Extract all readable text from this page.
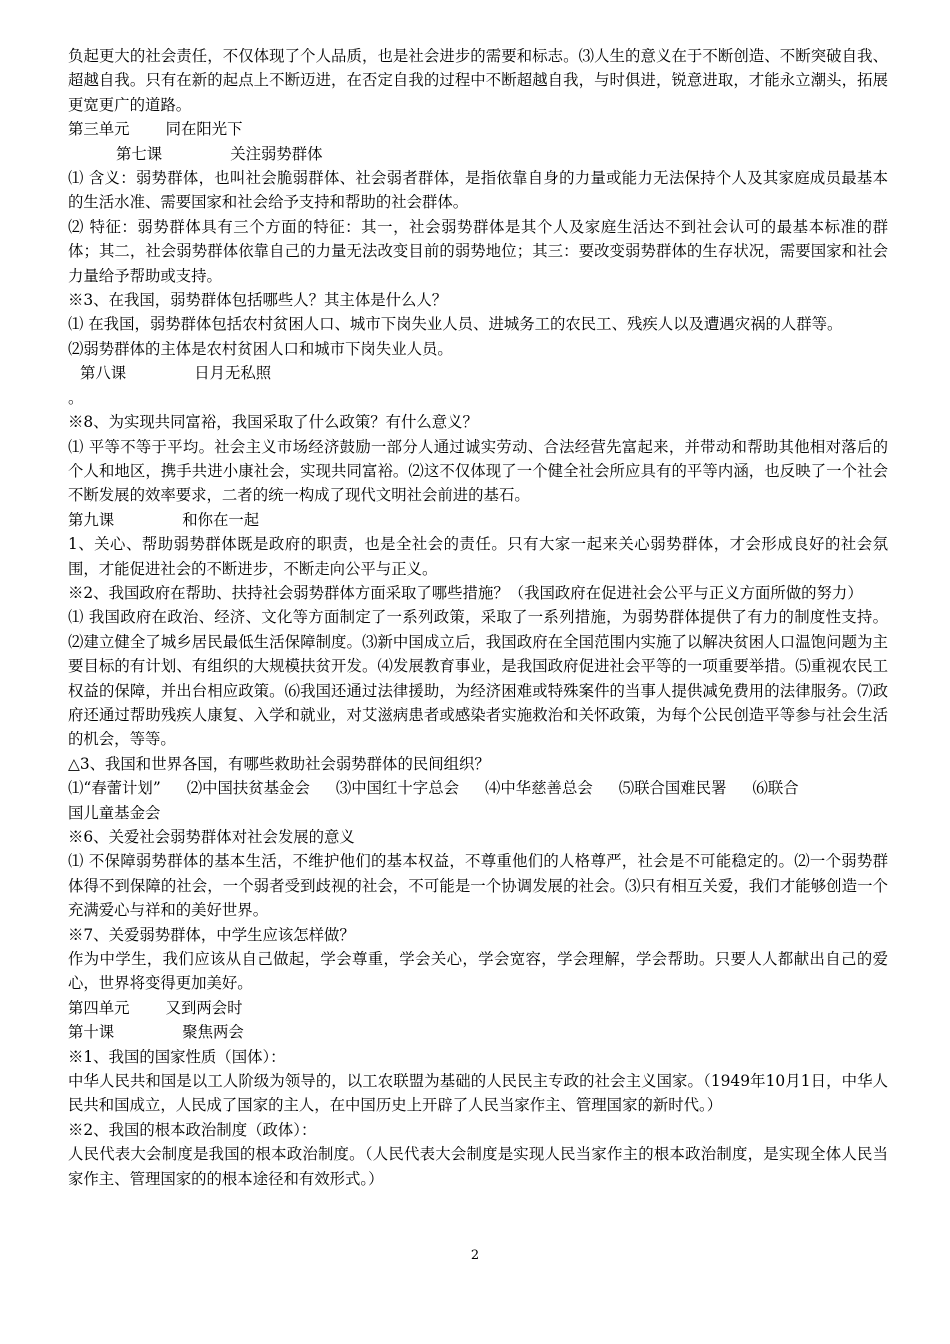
负起更大的社会责任，不仅体现了个人品质，也是社会进步的需要和标志。⑶人生的意义在于不断创造、不断突破自我、超越自我。只有在新的起点上不断迈进，在否定自我的过程中不断超越自我，与时俱进，锐意进取，才能永立潮头，拓展更宽更广的道路。

第三单元 同在阳光下

第七课	关注弱势群体

⑴ 含义：弱势群体，也叫社会脆弱群体、社会弱者群体，是指依靠自身的力量或能力无法保持个人及其家庭成员最基本的生活水准、需要国家和社会给予支持和帮助的社会群体。

⑵ 特征：弱势群体具有三个方面的特征：其一，社会弱势群体是其个人及家庭生活达不到社会认可的最基本标准的群体；其二，社会弱势群体依靠自己的力量无法改变目前的弱势地位；其三：要改变弱势群体的生存状况，需要国家和社会力量给予帮助或支持。

※3、在我国，弱势群体包括哪些人？其主体是什么人？

⑴ 在我国，弱势群体包括农村贫困人口、城市下岗失业人员、进城务工的农民工、残疾人以及遭遇灾祸的人群等。

⑵弱势群体的主体是农村贫困人口和城市下岗失业人员。

第八课	日月无私照

。

※8、为实现共同富裕，我国采取了什么政策？有什么意义？

⑴ 平等不等于平均。社会主义市场经济鼓励一部分人通过诚实劳动、合法经营先富起来，并带动和帮助其他相对落后的个人和地区，携手共进小康社会，实现共同富裕。⑵这不仅体现了一个健全社会所应具有的平等内涵，也反映了一个社会不断发展的效率要求，二者的统一构成了现代文明社会前进的基石。

第九课	和你在一起

1、关心、帮助弱势群体既是政府的职责，也是全社会的责任。只有大家一起来关心弱势群体，才会形成良好的社会氛围，才能促进社会的不断进步，不断走向公平与正义。

※2、我国政府在帮助、扶持社会弱势群体方面采取了哪些措施？（我国政府在促进社会公平与正义方面所做的努力）

⑴ 我国政府在政治、经济、文化等方面制定了一系列政策，采取了一系列措施，为弱势群体提供了有力的制度性支持。⑵建立健全了城乡居民最低生活保障制度。⑶新中国成立后，我国政府在全国范围内实施了以解决贫困人口温饱问题为主要目标的有计划、有组织的大规模扶贫开发。⑷发展教育事业，是我国政府促进社会平等的一项重要举措。⑸重视农民工权益的保障，并出台相应政策。⑹我国还通过法律援助，为经济困难或特殊案件的当事人提供减免费用的法律服务。⑺政府还通过帮助残疾人康复、入学和就业，对艾滋病患者或感染者实施救治和关怀政策，为每个公民创造平等参与社会生活的机会，等等。

△3、我国和世界各国，有哪些救助社会弱势群体的民间组织？

⑴“春蕾计划” ⑵中国扶贫基金会 ⑶中国红十字总会 ⑷中华慈善总会 ⑸联合国难民署 ⑹联合
国儿童基金会

※6、关爱社会弱势群体对社会发展的意义

⑴ 不保障弱势群体的基本生活，不维护他们的基本权益，不尊重他们的人格尊严，社会是不可能稳定的。⑵一个弱势群体得不到保障的社会，一个弱者受到歧视的社会，不可能是一个协调发展的社会。⑶只有相互关爱，我们才能够创造一个充满爱心与祥和的美好世界。

※7、关爱弱势群体，中学生应该怎样做？

作为中学生，我们应该从自己做起，学会尊重，学会关心，学会宽容，学会理解，学会帮助。只要人人都献出自己的爱心，世界将变得更加美好。

第四单元 又到两会时

第十课	聚焦两会

※1、我国的国家性质（国体）：

中华人民共和国是以工人阶级为领导的，以工农联盟为基础的人民民主专政的社会主义国家。（1949年10月1日，中华人民共和国成立，人民成了国家的主人，在中国历史上开辟了人民当家作主、管理国家的新时代。）

※2、我国的根本政治制度（政体）：

人民代表大会制度是我国的根本政治制度。（人民代表大会制度是实现人民当家作主的根本政治制度，是实现全体人民当家作主、管理国家的的根本途径和有效形式。）

2
